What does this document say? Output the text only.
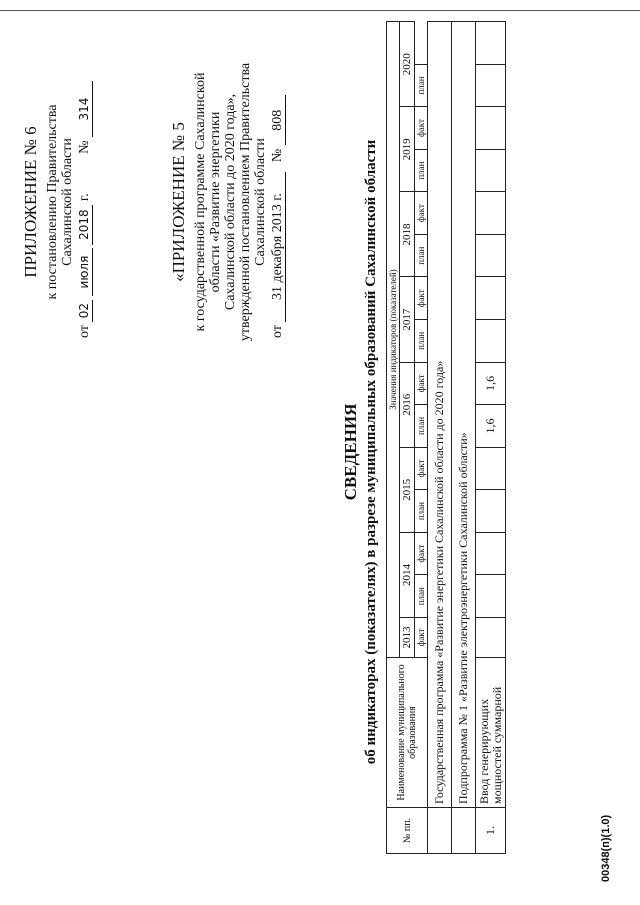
ПРИЛОЖЕНИЕ № 6 к постановлению Правительства Сахалинской области
от 02 июля 2018 г. № 314
«ПРИЛОЖЕНИЕ № 5 к государственной программе Сахалинской области «Развитие энергетики Сахалинской области до 2020 года», утвержденной постановлением Правительства Сахалинской области
от 31 декабря 2013 г. № 808
СВЕДЕНИЯ об индикаторах (показателях) в разрезе муниципальных образований Сахалинской области
№ пп.	Наименование муниципального образования	Значения индикаторов (показателей)														
		2013	2014		2015		2016		2017		2018		2019		2020	
		факт	план	факт	план	факт	план	факт	план	факт	план	факт	план	факт	план	
	Государственная программа «Развитие энергетики Сахалинской области до 2020 года»															
	Подпрограмма № 1 «Развитие электроэнергетики Сахалинской области»															
1.	Ввод генерирующих мощностей суммарной						1,6	1,6								
00348(п)(1.0)
